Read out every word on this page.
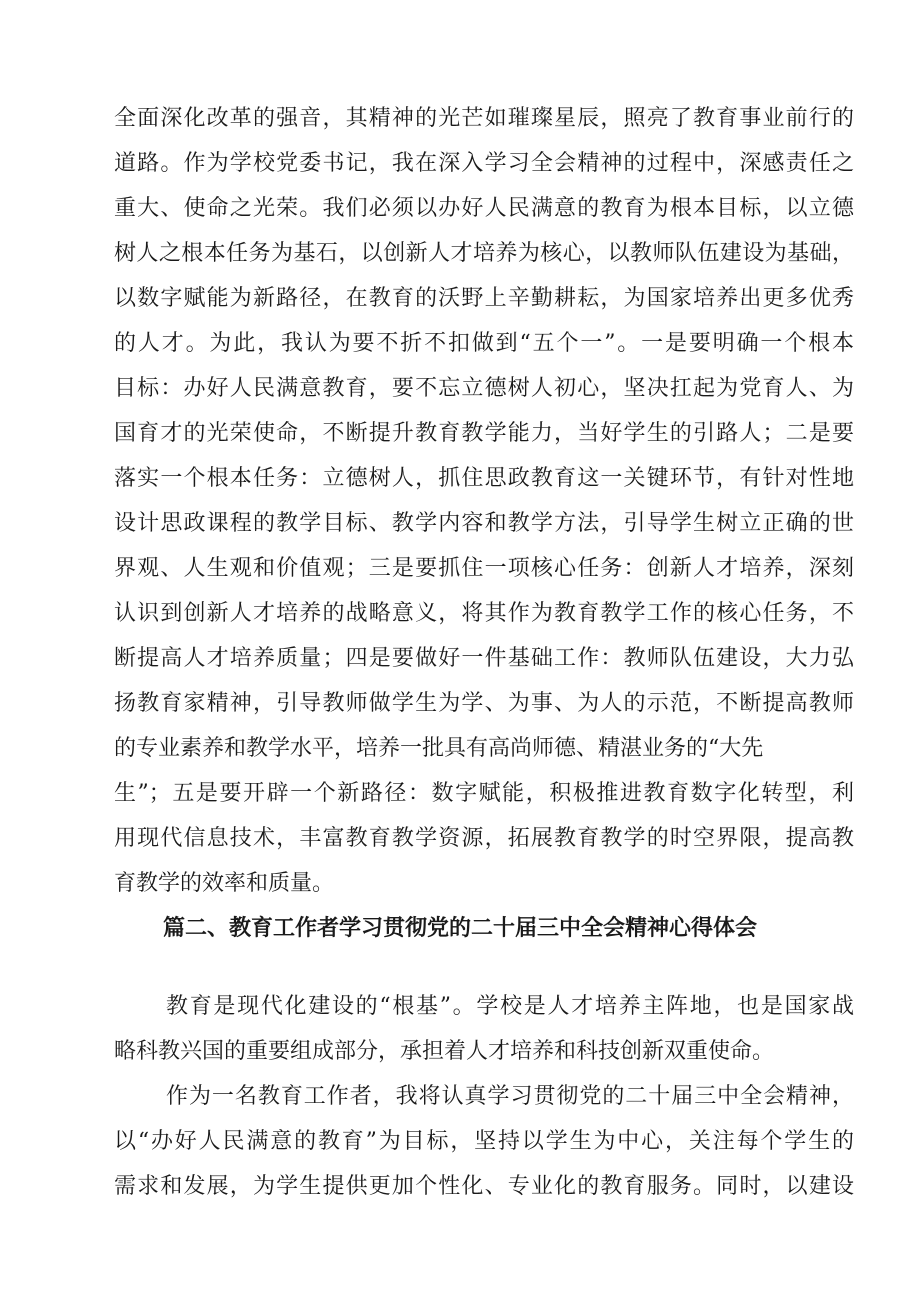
全面深化改革的强音，其精神的光芒如璀璨星辰，照亮了教育事业前行的
道路。作为学校党委书记，我在深入学习全会精神的过程中，深感责任之
重大、使命之光荣。我们必须以办好人民满意的教育为根本目标，以立德
树人之根本任务为基石，以创新人才培养为核心，以教师队伍建设为基础，
以数字赋能为新路径，在教育的沃野上辛勤耕耘，为国家培养出更多优秀
的人才。为此，我认为要不折不扣做到“五个一”。一是要明确一个根本
目标：办好人民满意教育，要不忘立德树人初心，坚决扛起为党育人、为
国育才的光荣使命，不断提升教育教学能力，当好学生的引路人；二是要
落实一个根本任务：立德树人，抓住思政教育这一关键环节，有针对性地
设计思政课程的教学目标、教学内容和教学方法，引导学生树立正确的世
界观、人生观和价值观；三是要抓住一项核心任务：创新人才培养，深刻
认识到创新人才培养的战略意义，将其作为教育教学工作的核心任务，不
断提高人才培养质量；四是要做好一件基础工作：教师队伍建设，大力弘
扬教育家精神，引导教师做学生为学、为事、为人的示范，不断提高教师
的专业素养和教学水平，培养一批具有高尚师德、精湛业务的“大先
生”；五是要开辟一个新路径：数字赋能，积极推进教育数字化转型，利
用现代信息技术，丰富教育教学资源，拓展教育教学的时空界限，提高教
育教学的效率和质量。
篇二、教育工作者学习贯彻党的二十届三中全会精神心得体会
教育是现代化建设的“根基”。学校是人才培养主阵地，也是国家战
略科教兴国的重要组成部分，承担着人才培养和科技创新双重使命。
作为一名教育工作者，我将认真学习贯彻党的二十届三中全会精神，
以“办好人民满意的教育”为目标，坚持以学生为中心，关注每个学生的
需求和发展，为学生提供更加个性化、专业化的教育服务。同时，以建设
